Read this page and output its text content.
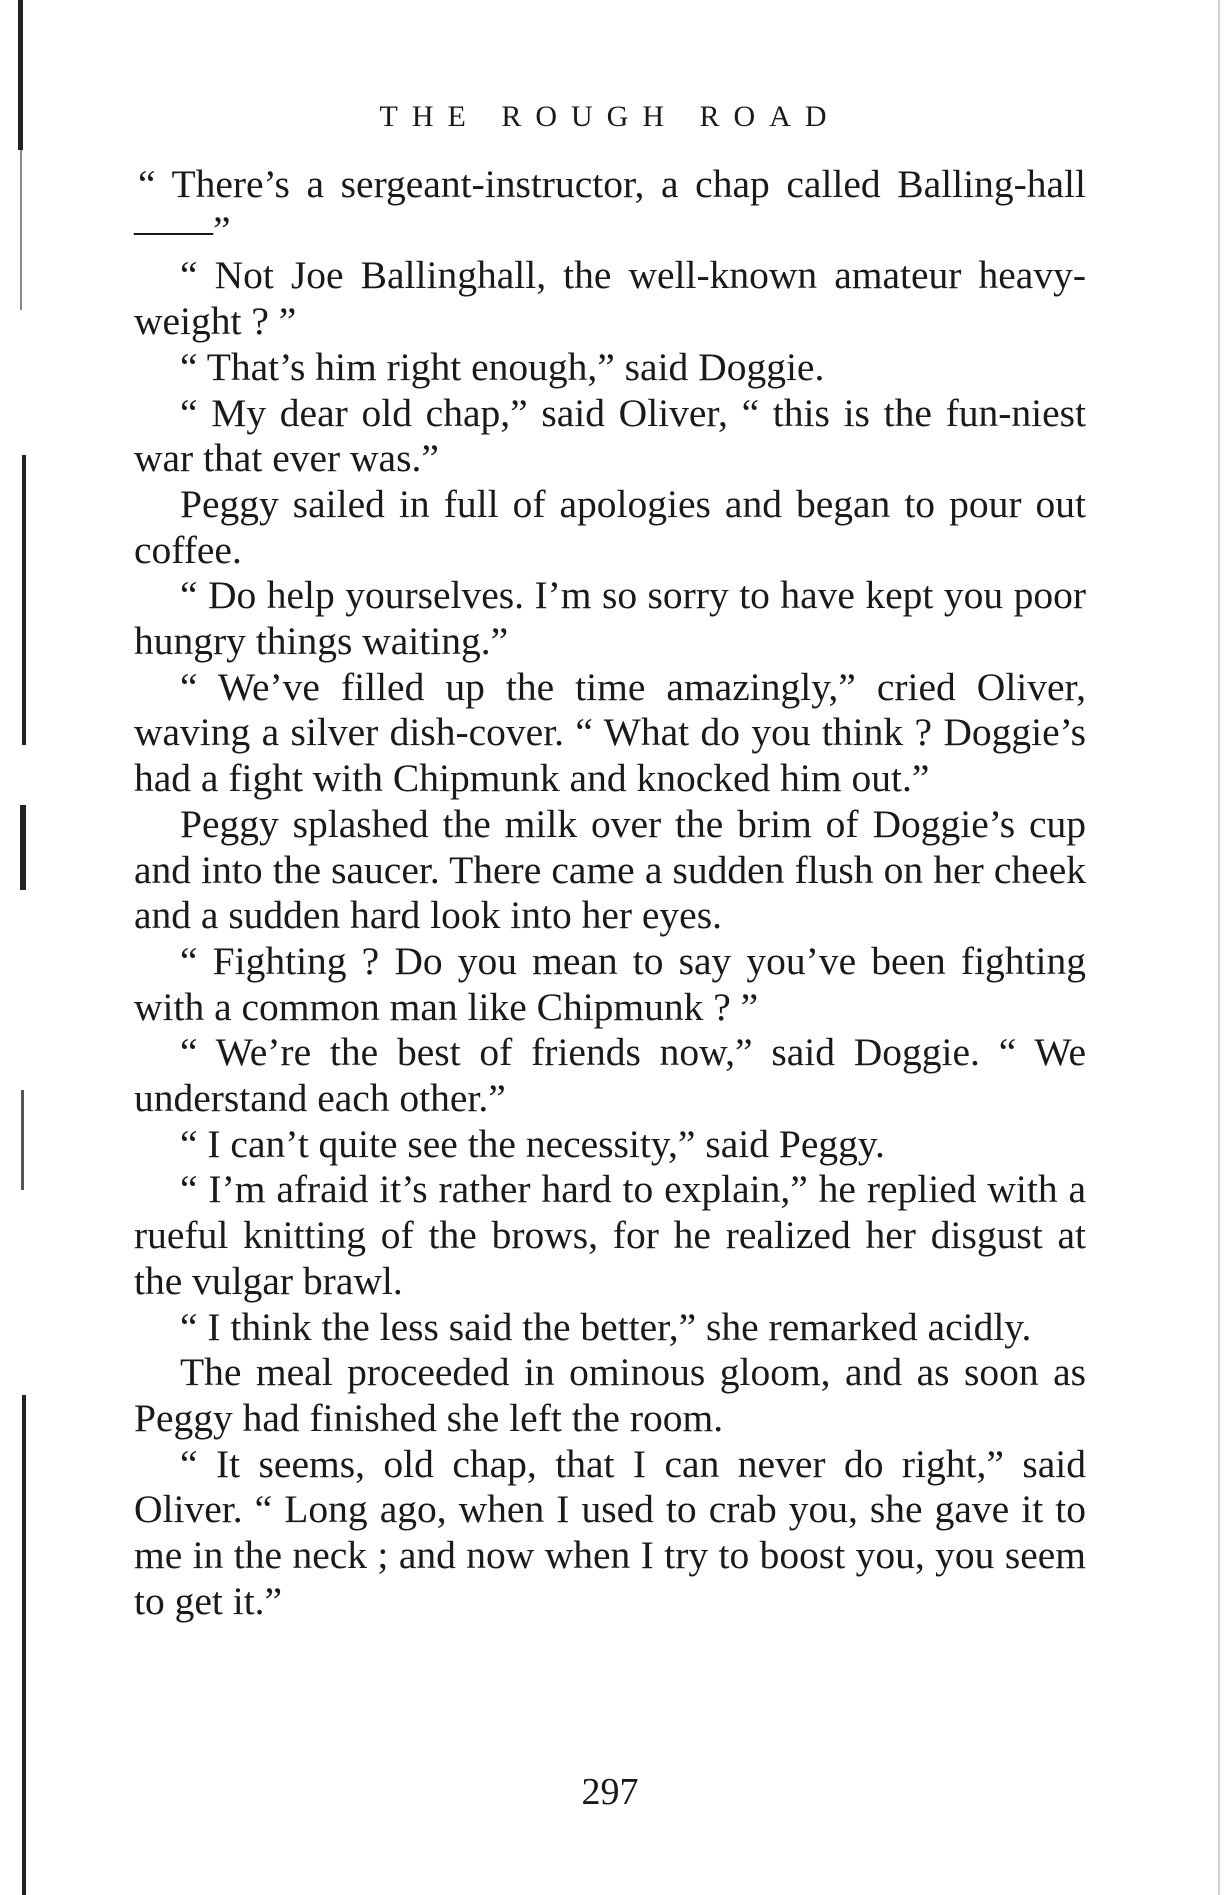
THE ROUGH ROAD

“ There’s a sergeant-instructor, a chap called Balling-hall——”

“ Not Joe Ballinghall, the well-known amateur heavy-weight ? ”

“ That’s him right enough,” said Doggie.

“ My dear old chap,” said Oliver, “ this is the fun-niest war that ever was.”

Peggy sailed in full of apologies and began to pour out coffee.

“ Do help yourselves. I’m so sorry to have kept you poor hungry things waiting.”

“ We’ve filled up the time amazingly,” cried Oliver, waving a silver dish-cover. “ What do you think ? Doggie’s had a fight with Chipmunk and knocked him out.”

Peggy splashed the milk over the brim of Doggie’s cup and into the saucer. There came a sudden flush on her cheek and a sudden hard look into her eyes.

“ Fighting ? Do you mean to say you’ve been fighting with a common man like Chipmunk ? ”

“ We’re the best of friends now,” said Doggie. “ We understand each other.”

“ I can’t quite see the necessity,” said Peggy.

“ I’m afraid it’s rather hard to explain,” he replied with a rueful knitting of the brows, for he realized her disgust at the vulgar brawl.

“ I think the less said the better,” she remarked acidly.

The meal proceeded in ominous gloom, and as soon as Peggy had finished she left the room.

“ It seems, old chap, that I can never do right,” said Oliver. “ Long ago, when I used to crab you, she gave it to me in the neck ; and now when I try to boost you, you seem to get it.”

297
